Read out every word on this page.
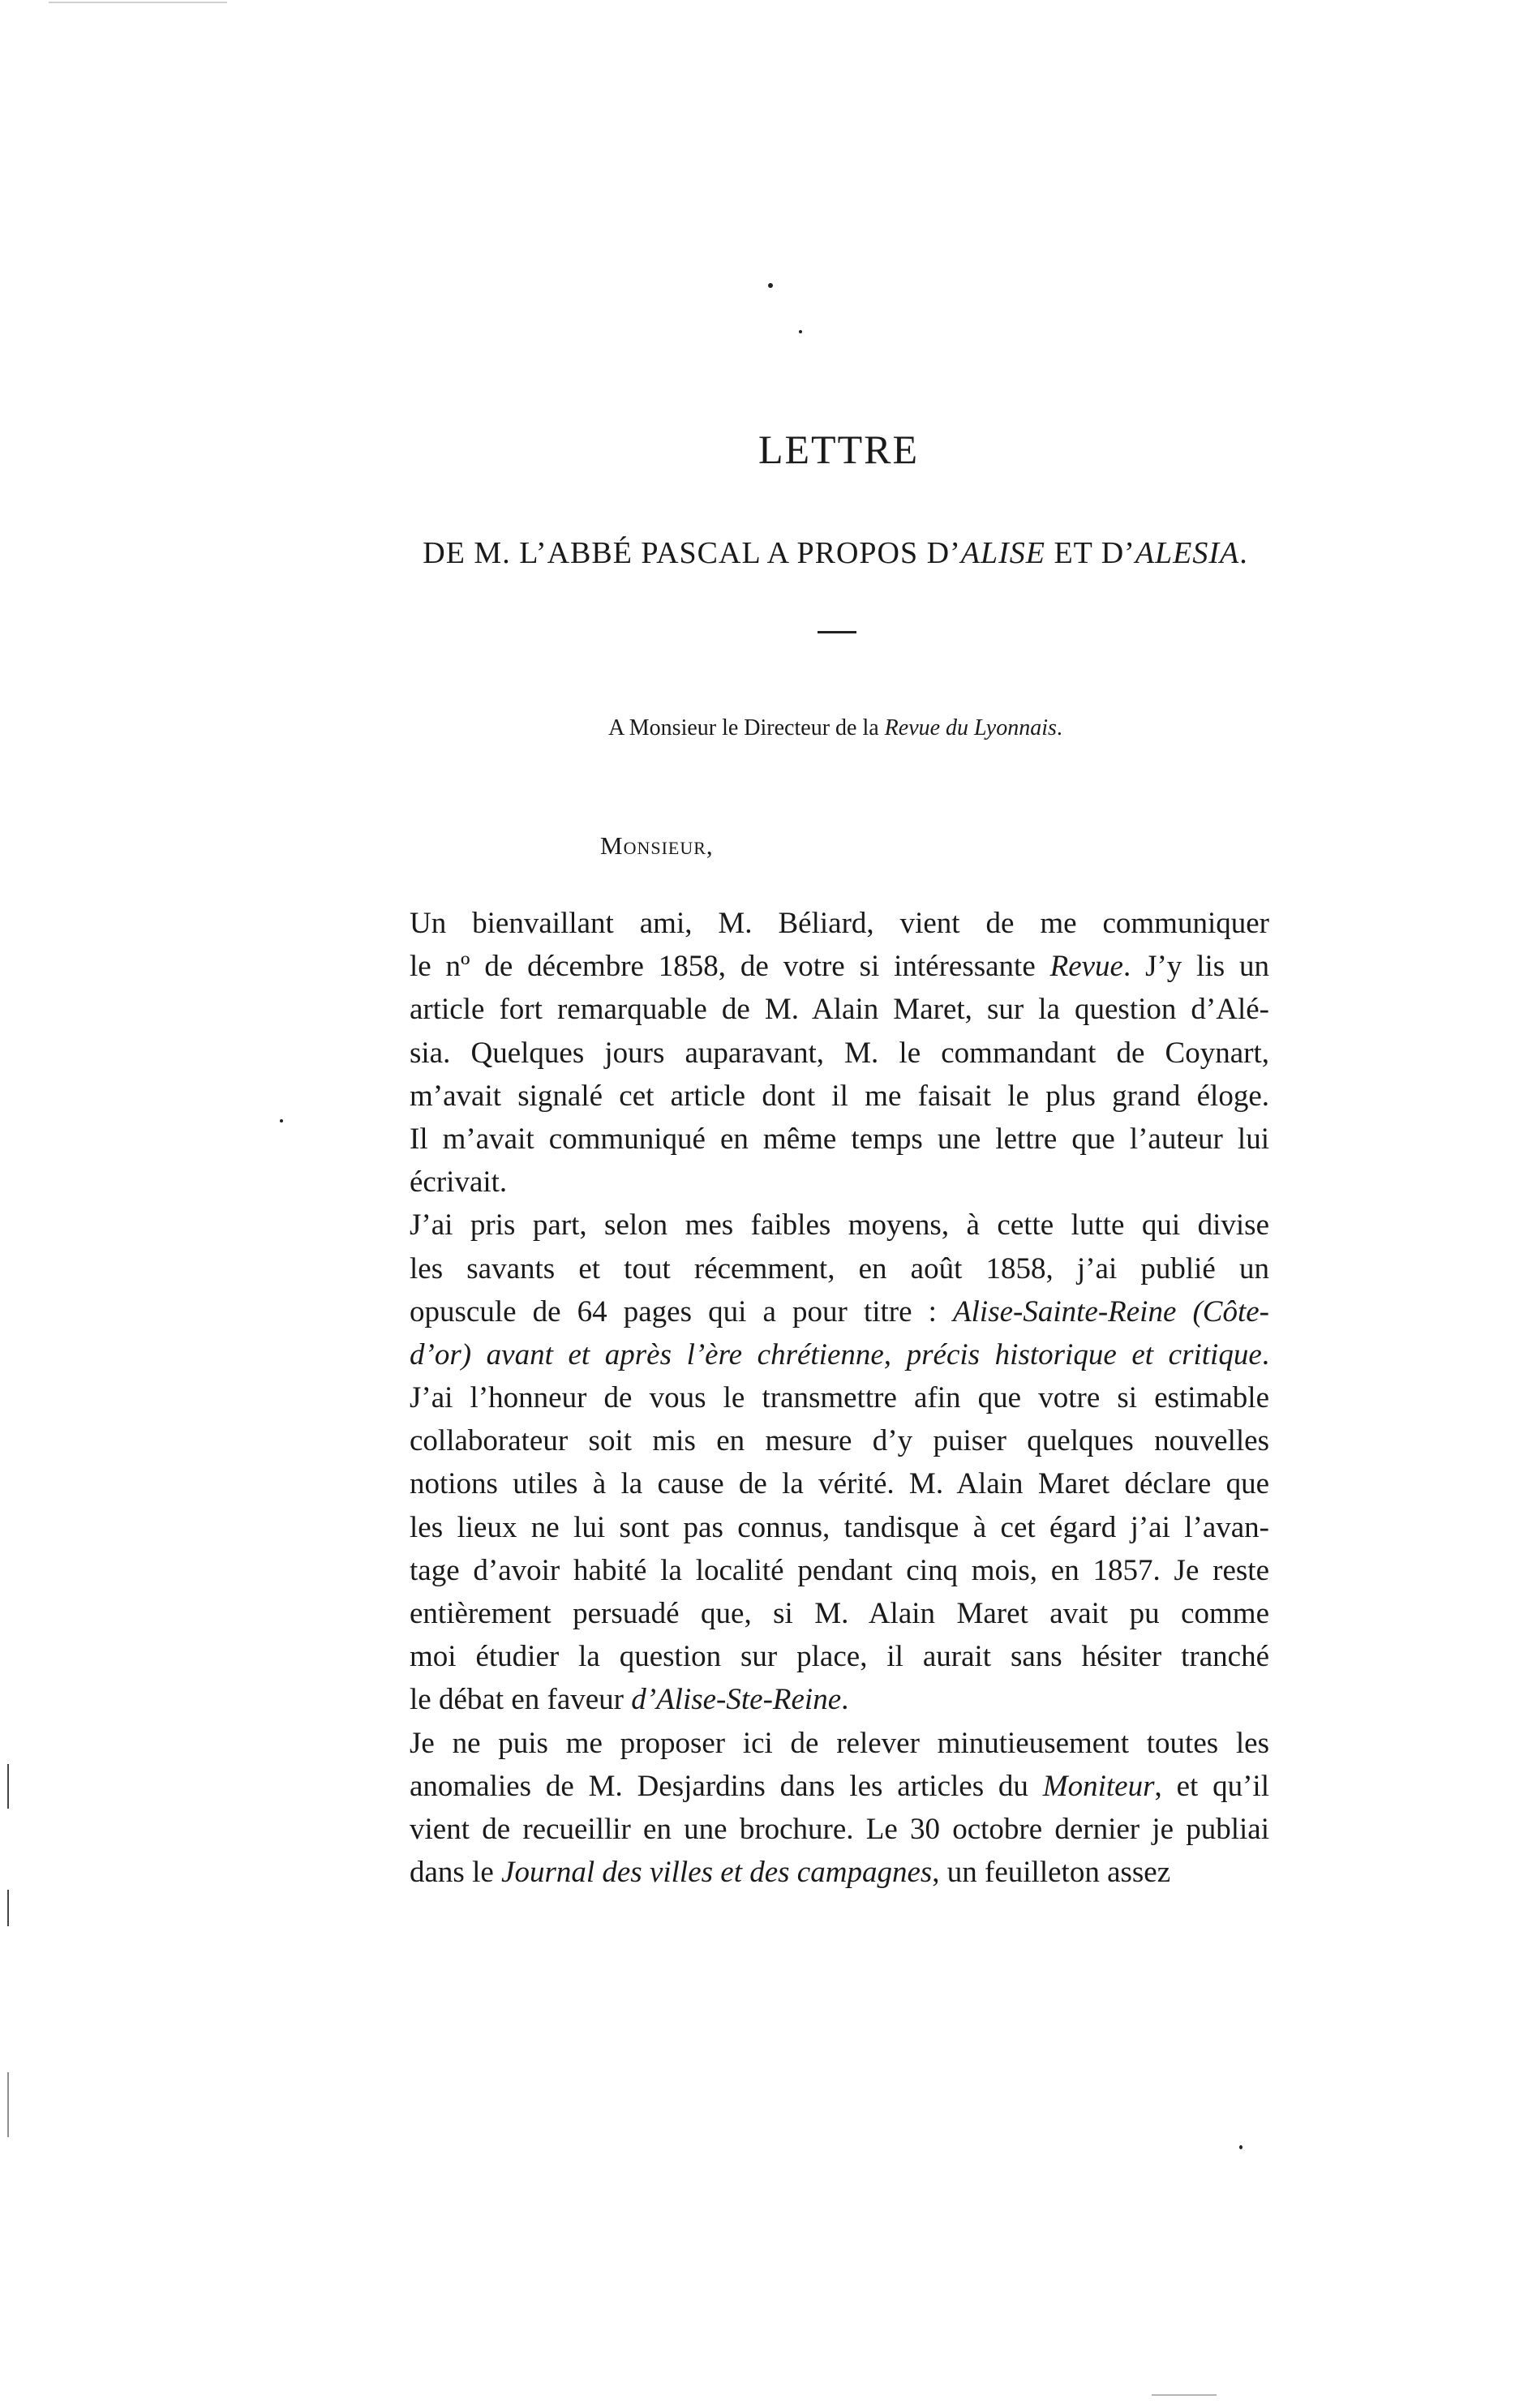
LETTRE
DE M. L’ABBÉ PASCAL A PROPOS D’ALISE ET D’ALESIA.
A Monsieur le Directeur de la Revue du Lyonnais.
Monsieur,
Un bienvaillant ami, M. Béliard, vient de me communiquer
le nº de décembre 1858, de votre si intéressante Revue. J’y lis un
article fort remarquable de M. Alain Maret, sur la question d’Alé-
sia. Quelques jours auparavant, M. le commandant de Coynart,
m’avait signalé cet article dont il me faisait le plus grand éloge.
Il m’avait communiqué en même temps une lettre que l’auteur lui
écrivait.
J’ai pris part, selon mes faibles moyens, à cette lutte qui divise
les savants et tout récemment, en août 1858, j’ai publié un
opuscule de 64 pages qui a pour titre : Alise-Sainte-Reine (Côte-
d’or) avant et après l’ère chrétienne, précis historique et critique.
J’ai l’honneur de vous le transmettre afin que votre si estimable
collaborateur soit mis en mesure d’y puiser quelques nouvelles
notions utiles à la cause de la vérité. M. Alain Maret déclare que
les lieux ne lui sont pas connus, tandisque à cet égard j’ai l’avan-
tage d’avoir habité la localité pendant cinq mois, en 1857. Je reste
entièrement persuadé que, si M. Alain Maret avait pu comme
moi étudier la question sur place, il aurait sans hésiter tranché
le débat en faveur d’Alise-Ste-Reine.
Je ne puis me proposer ici de relever minutieusement toutes les
anomalies de M. Desjardins dans les articles du Moniteur, et qu’il
vient de recueillir en une brochure. Le 30 octobre dernier je publiai
dans le Journal des villes et des campagnes, un feuilleton assez
